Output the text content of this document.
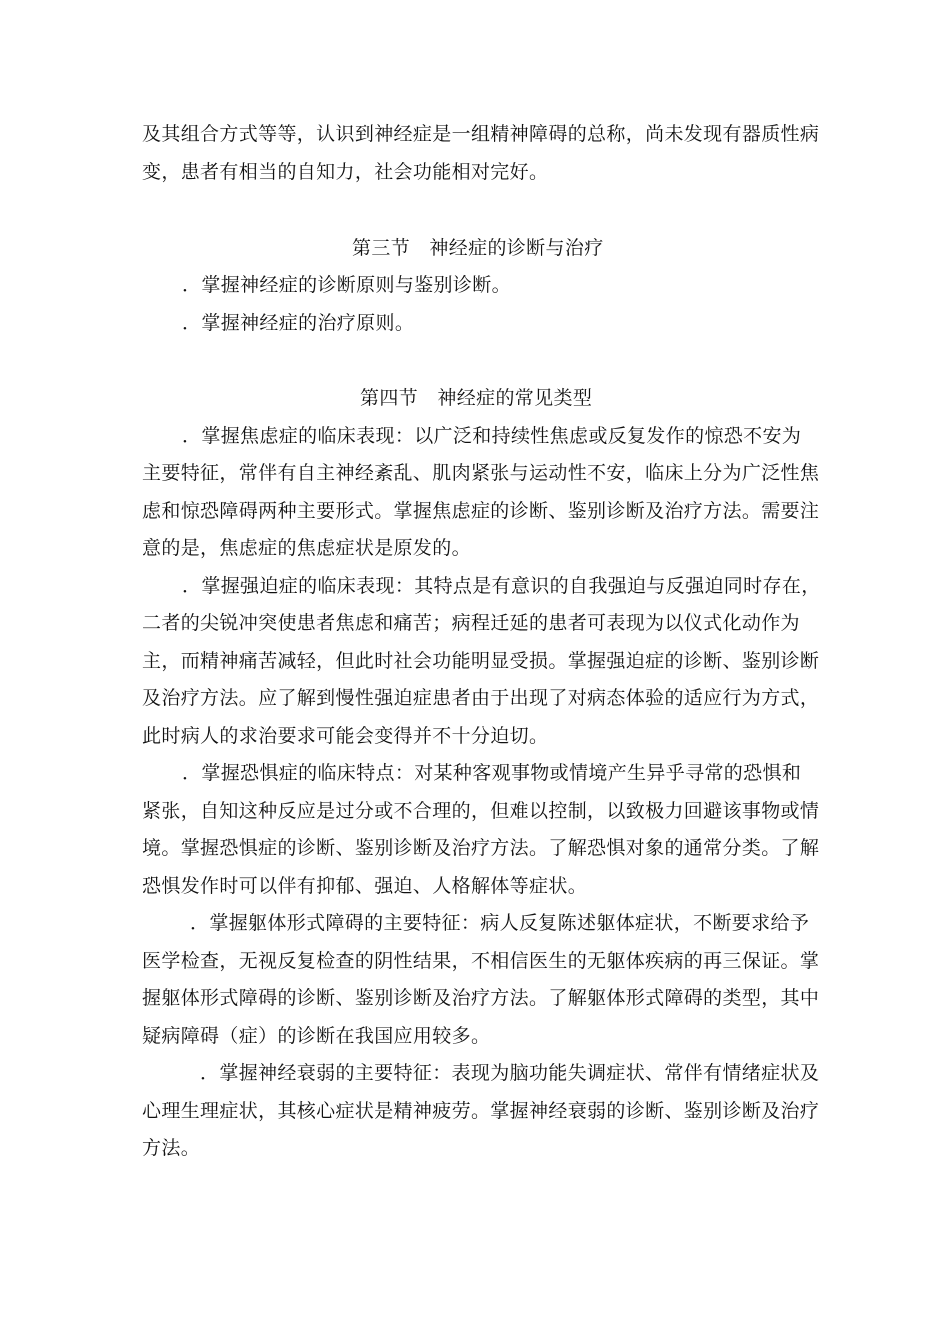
及其组合方式等等，认识到神经症是一组精神障碍的总称，尚未发现有器质性病
变，患者有相当的自知力，社会功能相对完好。
第三节　神经症的诊断与治疗
．掌握神经症的诊断原则与鉴别诊断。
．掌握神经症的治疗原则。
第四节　神经症的常见类型
．掌握焦虑症的临床表现：以广泛和持续性焦虑或反复发作的惊恐不安为
主要特征，常伴有自主神经紊乱、肌肉紧张与运动性不安，临床上分为广泛性焦
虑和惊恐障碍两种主要形式。掌握焦虑症的诊断、鉴别诊断及治疗方法。需要注
意的是，焦虑症的焦虑症状是原发的。
．掌握强迫症的临床表现：其特点是有意识的自我强迫与反强迫同时存在，
二者的尖锐冲突使患者焦虑和痛苦；病程迁延的患者可表现为以仪式化动作为
主，而精神痛苦减轻，但此时社会功能明显受损。掌握强迫症的诊断、鉴别诊断
及治疗方法。应了解到慢性强迫症患者由于出现了对病态体验的适应行为方式，
此时病人的求治要求可能会变得并不十分迫切。
．掌握恐惧症的临床特点：对某种客观事物或情境产生异乎寻常的恐惧和
紧张，自知这种反应是过分或不合理的，但难以控制，以致极力回避该事物或情
境。掌握恐惧症的诊断、鉴别诊断及治疗方法。了解恐惧对象的通常分类。了解
恐惧发作时可以伴有抑郁、强迫、人格解体等症状。
．掌握躯体形式障碍的主要特征：病人反复陈述躯体症状，不断要求给予
医学检查，无视反复检查的阴性结果，不相信医生的无躯体疾病的再三保证。掌
握躯体形式障碍的诊断、鉴别诊断及治疗方法。了解躯体形式障碍的类型，其中
疑病障碍（症）的诊断在我国应用较多。
．掌握神经衰弱的主要特征：表现为脑功能失调症状、常伴有情绪症状及
心理生理症状，其核心症状是精神疲劳。掌握神经衰弱的诊断、鉴别诊断及治疗
方法。
